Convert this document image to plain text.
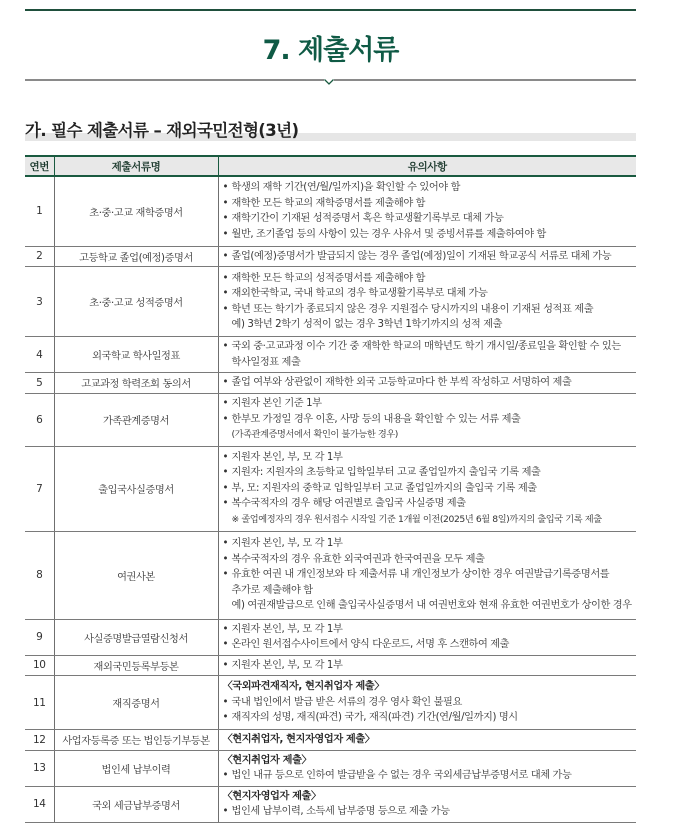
7. 제출서류
가. 필수 제출서류 – 재외국민전형(3년)
연번	제출서류명	유의사항
1	초·중·고교 재학증명서	• 학생의 재학 기간(연/월/일까지)을 확인할 수 있어야 함
• 재학한 모든 학교의 재학증명서를 제출해야 함
• 재학기간이 기재된 성적증명서 혹은 학교생활기록부로 대체 가능
• 월반, 조기졸업 등의 사항이 있는 경우 사유서 및 증빙서류를 제출하여야 함

2	고등학교 졸업(예정)증명서	• 졸업(예정)증명서가 발급되지 않는 경우 졸업(예정)일이 기재된 학교공식 서류로 대체 가능

3	초·중·고교 성적증명서	• 재학한 모든 학교의 성적증명서를 제출해야 함
• 재외한국학교, 국내 학교의 경우 학교생활기록부로 대체 가능
• 학년 또는 학기가 종료되지 않은 경우 지원접수 당시까지의 내용이 기재된 성적표 제출
예) 3학년 2학기 성적이 없는 경우 3학년 1학기까지의 성적 제출

4	외국학교 학사일정표	• 국외 중·고교과정 이수 기간 중 재학한 학교의 매학년도 학기 개시일/종료일을 확인할 수 있는
학사일정표 제출

5	고교과정 학력조회 동의서	• 졸업 여부와 상관없이 재학한 외국 고등학교마다 한 부씩 작성하고 서명하여 제출

6	가족관계증명서	• 지원자 본인 기준 1부
• 한부모 가정일 경우 이혼, 사망 등의 내용을 확인할 수 있는 서류 제출
(가족관계증명서에서 확인이 불가능한 경우)

7	출입국사실증명서	• 지원자 본인, 부, 모 각 1부
• 지원자: 지원자의 초등학교 입학일부터 고교 졸업일까지 출입국 기록 제출
• 부, 모: 지원자의 중학교 입학일부터 고교 졸업일까지의 출입국 기록 제출
• 복수국적자의 경우 해당 여권별로 출입국 사실증명 제출
※ 졸업예정자의 경우 원서접수 시작일 기준 1개월 이전(2025년 6월 8일)까지의 출입국 기록 제출

8	여권사본	• 지원자 본인, 부, 모 각 1부
• 복수국적자의 경우 유효한 외국여권과 한국여권을 모두 제출
• 유효한 여권 내 개인정보와 타 제출서류 내 개인정보가 상이한 경우 여권발급기록증명서를
추가로 제출해야 함
예) 여권재발급으로 인해 출입국사실증명서 내 여권번호와 현재 유효한 여권번호가 상이한 경우

9	사실증명발급열람신청서	• 지원자 본인, 부, 모 각 1부
• 온라인 원서접수사이트에서 양식 다운로드, 서명 후 스캔하여 제출

10	재외국민등록부등본	• 지원자 본인, 부, 모 각 1부

11	재직증명서	〈국외파견재직자, 현지취업자 제출〉
• 국내 법인에서 발급 받은 서류의 경우 영사 확인 불필요
• 재직자의 성명, 재직(파견) 국가, 재직(파견) 기간(연/월/일까지) 명시

12	사업자등록증 또는 법인등기부등본	〈현지취업자, 현지자영업자 제출〉

13	법인세 납부이력	〈현지취업자 제출〉
• 법인 내규 등으로 인하여 발급받을 수 없는 경우 국외세금납부증명서로 대체 가능

14	국외 세금납부증명서	〈현지자영업자 제출〉
• 법인세 납부이력, 소득세 납부증명 등으로 제출 가능
